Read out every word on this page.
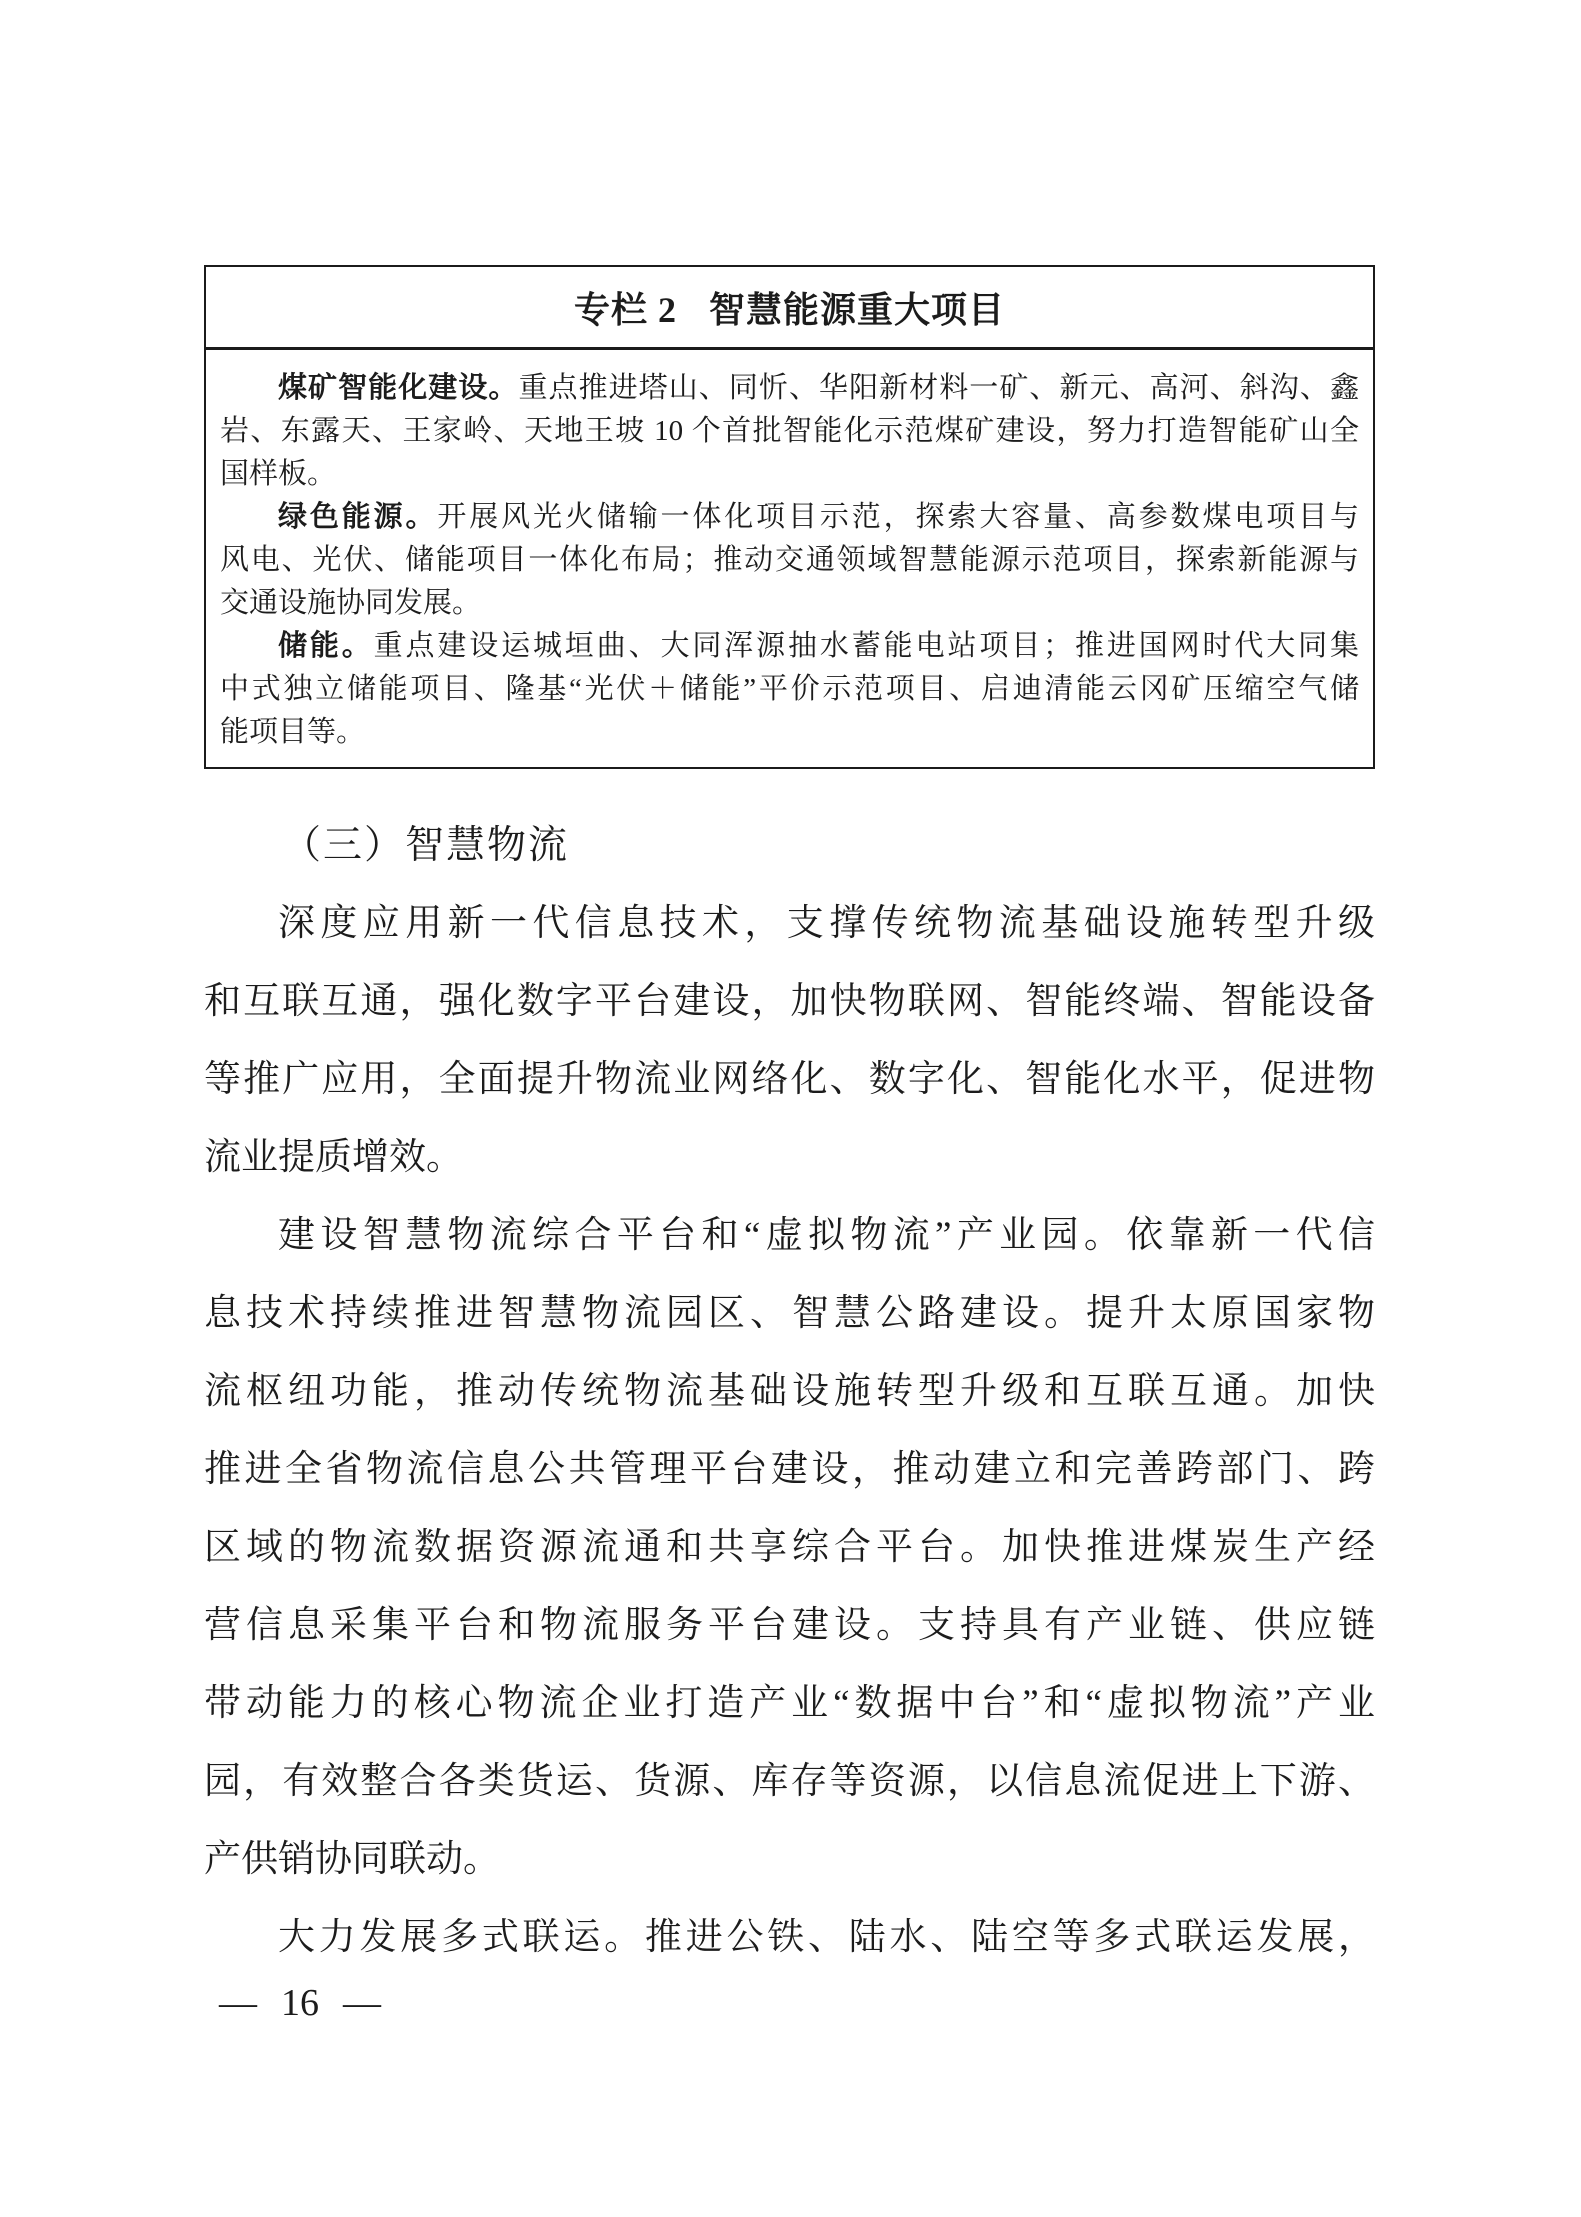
专栏 2 智慧能源重大项目
煤矿智能化建设。重点推进塔山、同忻、华阳新材料一矿、新元、高河、斜沟、鑫
岩、东露天、王家岭、天地王坡 10 个首批智能化示范煤矿建设，努力打造智能矿山全
国样板。
绿色能源。开展风光火储输一体化项目示范，探索大容量、高参数煤电项目与
风电、光伏、储能项目一体化布局；推动交通领域智慧能源示范项目，探索新能源与
交通设施协同发展。
储能。重点建设运城垣曲、大同浑源抽水蓄能电站项目；推进国网时代大同集
中式独立储能项目、隆基“光伏＋储能”平价示范项目、启迪清能云冈矿压缩空气储
能项目等。
（三）智慧物流
深度应用新一代信息技术，支撑传统物流基础设施转型升级
和互联互通，强化数字平台建设，加快物联网、智能终端、智能设备
等推广应用，全面提升物流业网络化、数字化、智能化水平，促进物
流业提质增效。
建设智慧物流综合平台和“虚拟物流”产业园。依靠新一代信
息技术持续推进智慧物流园区、智慧公路建设。提升太原国家物
流枢纽功能，推动传统物流基础设施转型升级和互联互通。加快
推进全省物流信息公共管理平台建设，推动建立和完善跨部门、跨
区域的物流数据资源流通和共享综合平台。加快推进煤炭生产经
营信息采集平台和物流服务平台建设。支持具有产业链、供应链
带动能力的核心物流企业打造产业“数据中台”和“虚拟物流”产业
园，有效整合各类货运、货源、库存等资源，以信息流促进上下游、
产供销协同联动。
大力发展多式联运。推进公铁、陆水、陆空等多式联运发展，
— 16 —
